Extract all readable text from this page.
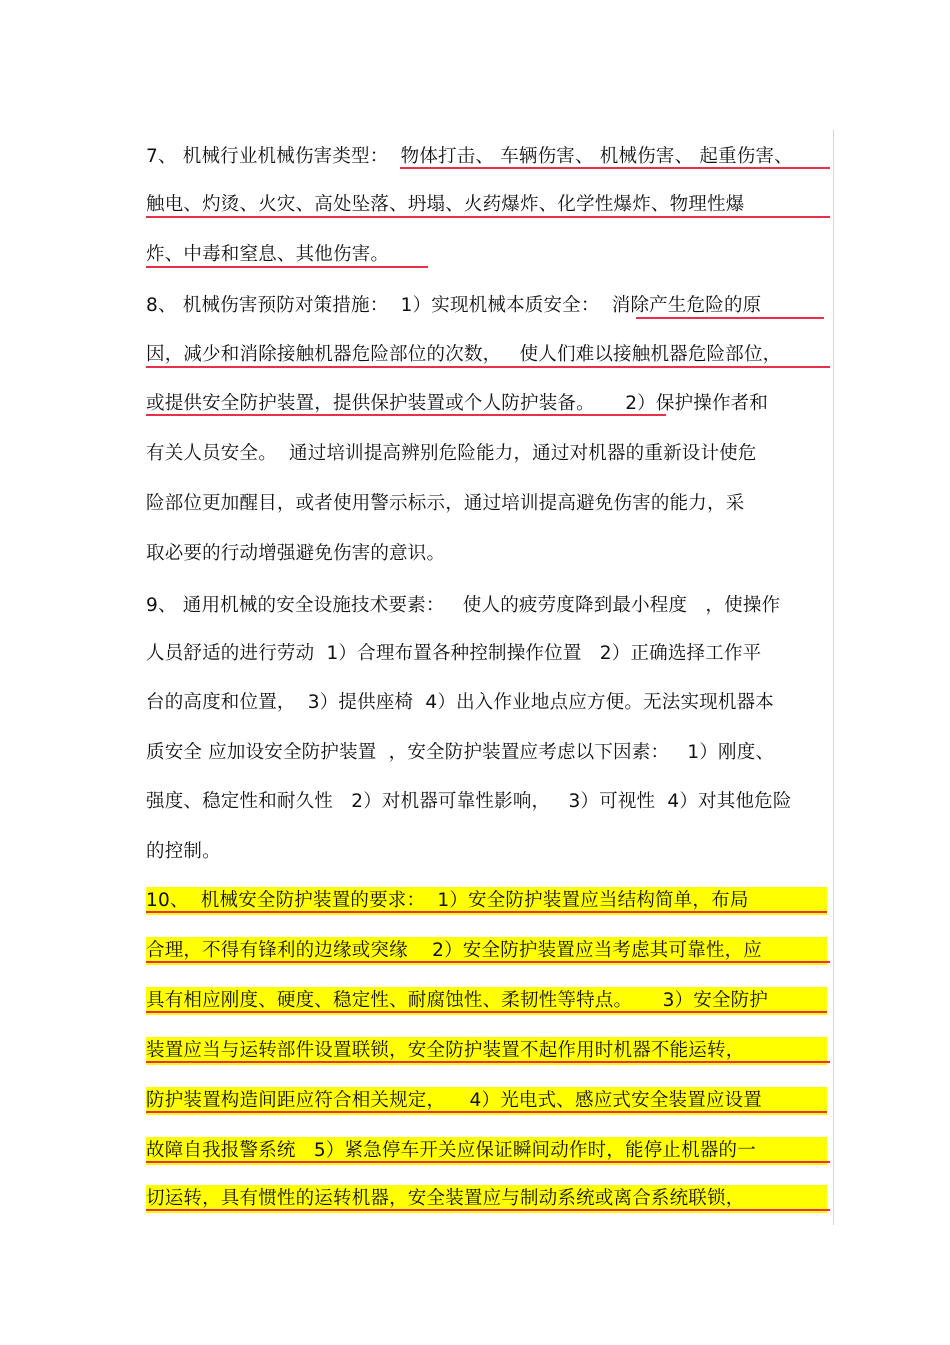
7、 机械行业机械伤害类型：  物体打击、 车辆伤害、 机械伤害、 起重伤害、
触电、灼烫、火灾、高处坠落、坍塌、火药爆炸、化学性爆炸、物理性爆
炸、中毒和窒息、其他伤害。
8、 机械伤害预防对策措施：  1）实现机械本质安全：  消除产生危险的原
因，减少和消除接触机器危险部位的次数，   使人们难以接触机器危险部位，
或提供安全防护装置，提供保护装置或个人防护装备。     2）保护操作者和
有关人员安全。  通过培训提高辨别危险能力，通过对机器的重新设计使危
险部位更加醒目，或者使用警示标示，通过培训提高避免伤害的能力，采
取必要的行动增强避免伤害的意识。
9、 通用机械的安全设施技术要素：   使人的疲劳度降到最小程度   ，使操作
人员舒适的进行劳动  1）合理布置各种控制操作位置   2）正确选择工作平
台的高度和位置，  3）提供座椅  4）出入作业地点应方便。无法实现机器本
质安全 应加设安全防护装置  ，安全防护装置应考虑以下因素：   1）刚度、
强度、稳定性和耐久性   2）对机器可靠性影响，   3）可视性  4）对其他危险
的控制。
10、  机械安全防护装置的要求：  1）安全防护装置应当结构简单，布局
合理，不得有锋利的边缘或突缘    2）安全防护装置应当考虑其可靠性，应
具有相应刚度、硬度、稳定性、耐腐蚀性、柔韧性等特点。     3）安全防护
装置应当与运转部件设置联锁，安全防护装置不起作用时机器不能运转，
防护装置构造间距应符合相关规定，    4）光电式、感应式安全装置应设置
故障自我报警系统   5）紧急停车开关应保证瞬间动作时，能停止机器的一
切运转，具有惯性的运转机器，安全装置应与制动系统或离合系统联锁，
